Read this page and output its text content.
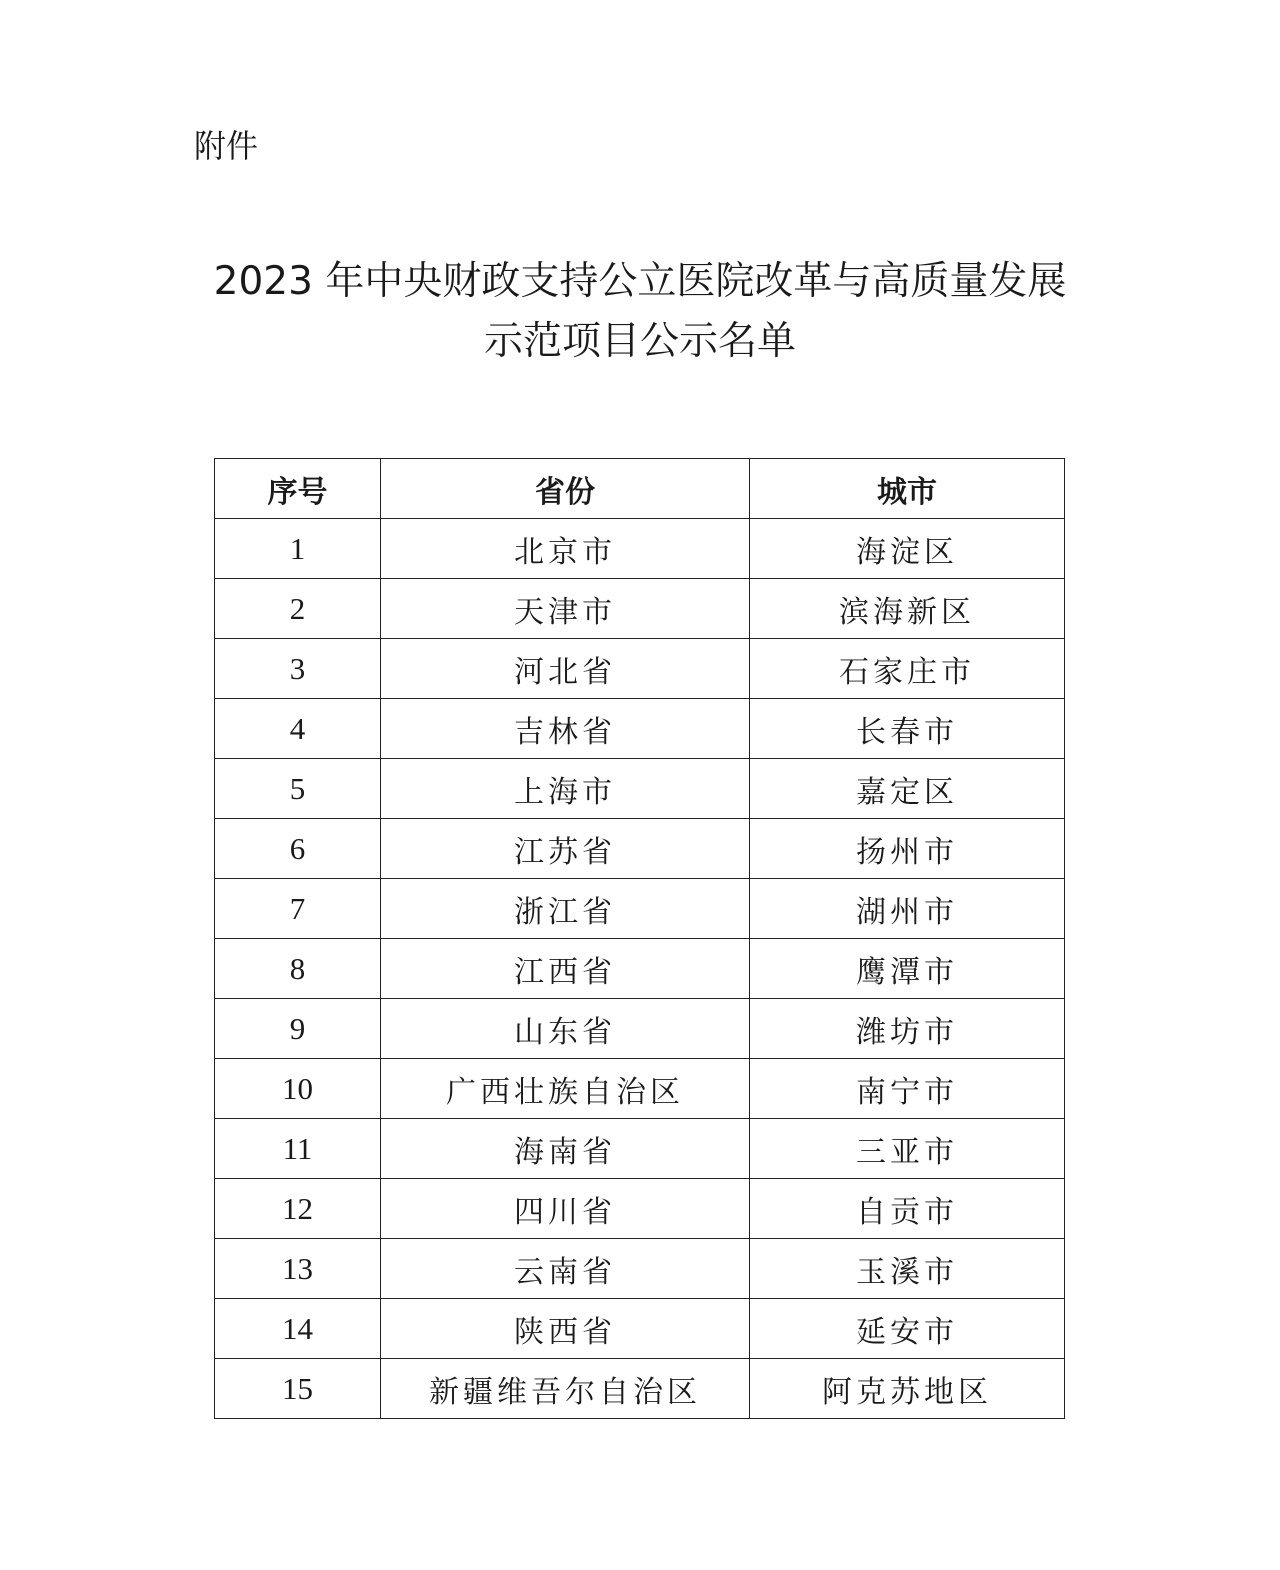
附件
2023 年中央财政支持公立医院改革与高质量发展
示范项目公示名单
序号	省份	城市
1	北京市	海淀区
2	天津市	滨海新区
3	河北省	石家庄市
4	吉林省	长春市
5	上海市	嘉定区
6	江苏省	扬州市
7	浙江省	湖州市
8	江西省	鹰潭市
9	山东省	潍坊市
10	广西壮族自治区	南宁市
11	海南省	三亚市
12	四川省	自贡市
13	云南省	玉溪市
14	陕西省	延安市
15	新疆维吾尔自治区	阿克苏地区
